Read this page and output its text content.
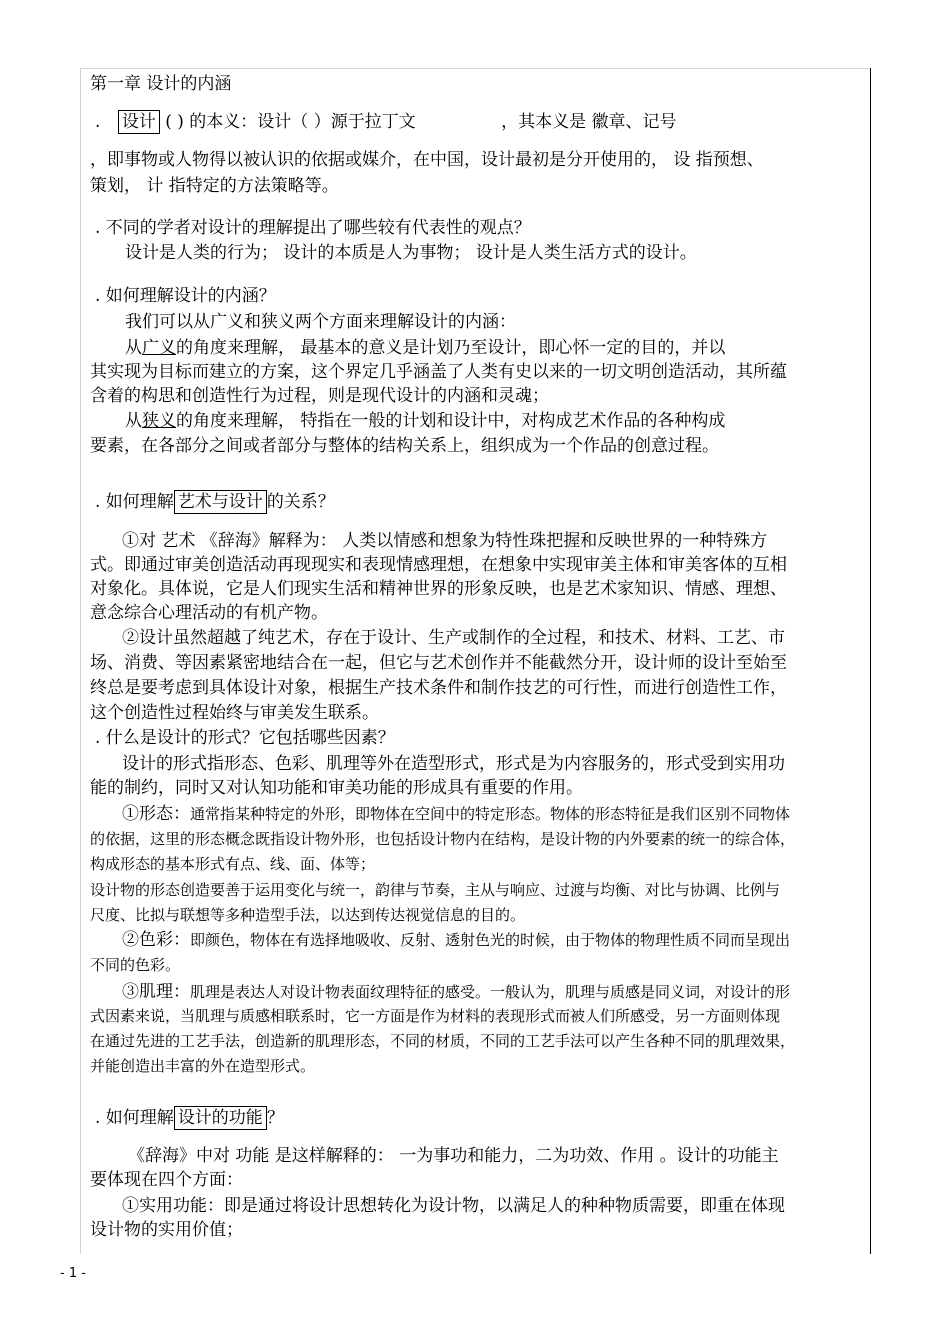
第一章 设计的内涵
. 设计 ( ) 的本义：设计（ ）源于拉丁文	，其本义是 徽章、记号
，即事物或人物得以被认识的依据或媒介，在中国，设计最初是分开使用的， 设 指预想、
策划， 计 指特定的方法策略等。
. 不同的学者对设计的理解提出了哪些较有代表性的观点？
设计是人类的行为； 设计的本质是人为事物； 设计是人类生活方式的设计。
. 如何理解设计的内涵？
我们可以从广义和狭义两个方面来理解设计的内涵：
从广义的角度来理解， 最基本的意义是计划乃至设计，即心怀一定的目的，并以
其实现为目标而建立的方案，这个界定几乎涵盖了人类有史以来的一切文明创造活动，其所蕴
含着的构思和创造性行为过程，则是现代设计的内涵和灵魂；
从狭义的角度来理解， 特指在一般的计划和设计中，对构成艺术作品的各种构成
要素，在各部分之间或者部分与整体的结构关系上，组织成为一个作品的创意过程。
. 如何理解 艺术与设计 的关系？
①对 艺术 《辞海》解释为： 人类以情感和想象为特性珠把握和反映世界的一种特殊方
式。即通过审美创造活动再现现实和表现情感理想，在想象中实现审美主体和审美客体的互相
对象化。具体说，它是人们现实生活和精神世界的形象反映，也是艺术家知识、情感、理想、
意念综合心理活动的有机产物。
②设计虽然超越了纯艺术，存在于设计、生产或制作的全过程，和技术、材料、工艺、市
场、消费、等因素紧密地结合在一起，但它与艺术创作并不能截然分开，设计师的设计至始至
终总是要考虑到具体设计对象，根据生产技术条件和制作技艺的可行性，而进行创造性工作，
这个创造性过程始终与审美发生联系。
. 什么是设计的形式？它包括哪些因素？
设计的形式指形态、色彩、肌理等外在造型形式，形式是为内容服务的，形式受到实用功
能的制约，同时又对认知功能和审美功能的形成具有重要的作用。
①形态：通常指某种特定的外形，即物体在空间中的特定形态。物体的形态特征是我们区别不同物体
的依据，这里的形态概念既指设计物外形，也包括设计物内在结构，是设计物的内外要素的统一的综合体，
构成形态的基本形式有点、线、面、体等；
设计物的形态创造要善于运用变化与统一，韵律与节奏，主从与响应、过渡与均衡、对比与协调、比例与
尺度、比拟与联想等多种造型手法，以达到传达视觉信息的目的。
②色彩：即颜色，物体在有选择地吸收、反射、透射色光的时候，由于物体的物理性质不同而呈现出
不同的色彩。
③肌理：肌理是表达人对设计物表面纹理特征的感受。一般认为，肌理与质感是同义词，对设计的形
式因素来说，当肌理与质感相联系时，它一方面是作为材料的表现形式而被人们所感受，另一方面则体现
在通过先进的工艺手法，创造新的肌理形态，不同的材质，不同的工艺手法可以产生各种不同的肌理效果，
并能创造出丰富的外在造型形式。
. 如何理解 设计的功能 ？
《辞海》中对 功能 是这样解释的： 一为事功和能力，二为功效、作用 。设计的功能主
要体现在四个方面：
①实用功能：即是通过将设计思想转化为设计物，以满足人的种种物质需要，即重在体现
设计物的实用价值；
- 1 -
